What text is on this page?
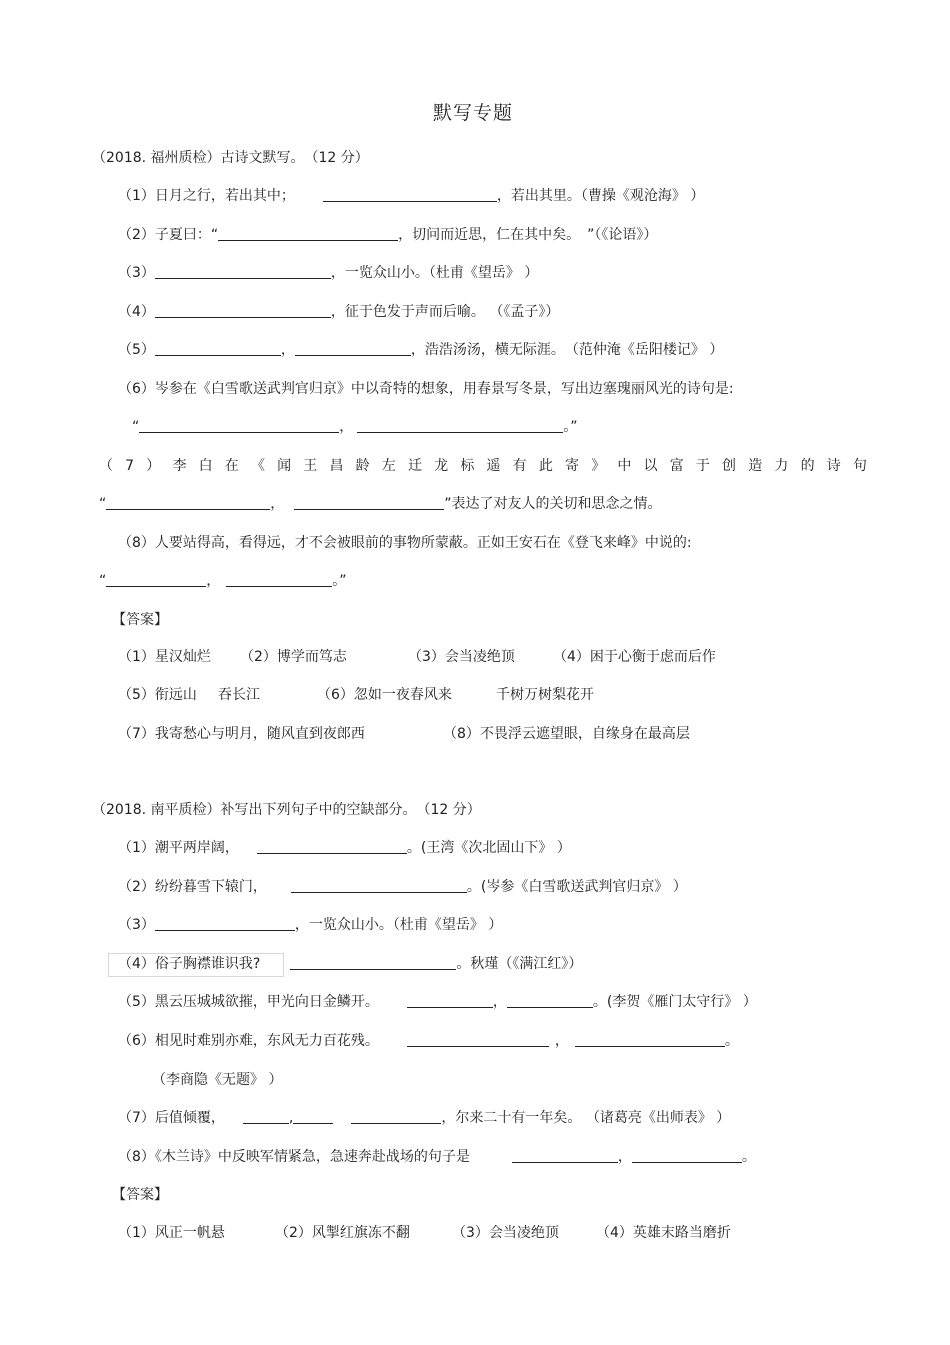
默写专题
（2018. 福州质检）古诗文默写。　（12 分）
（1）日月之行，若出其中；	，若出其里。（曹操《观沧海》 ）
（2）子夏曰：“	，切问而近思，仁在其中矣。　”（《论语》）
（3）	，一览众山小。（杜甫《望岳》 ）
（4）	，征于色发于声而后喻。 （《孟子》）
（5）	，	，浩浩汤汤，横无际涯。　（范仲淹《岳阳楼记》 ）
（6）岑参在《白雪歌送武判官归京》中以奇特的想象，用春景写冬景，写出边塞瑰丽风光的诗句是:
“	，	。”
（ 7 ） 李 白 在 《 闻 王 昌 龄 左 迁 龙 标 遥 有 此 寄 》 中 以 富 于 创 造 力 的 诗 句
“	，	”表达了对友人的关切和思念之情。
（8）人要站得高，看得远，才不会被眼前的事物所蒙蔽。正如王安石在《登飞来峰》中说的:
“	，	。”
【答案】
（1）星汉灿烂 （2）博学而笃志	（3）会当凌绝顶	（4）困于心衡于虑而后作
（5）衔远山 吞长江	（6）忽如一夜春风来	千树万树梨花开
（7）我寄愁心与明月，随风直到夜郎西	（8）不畏浮云遮望眼，自缘身在最高层
（2018. 南平质检）补写出下列句子中的空缺部分。　（12 分）
（1）潮平两岸阔，	。(王湾《次北固山下》 ）
（2）纷纷暮雪下辕门，	。(岑参《白雪歌送武判官归京》 ）
（3）	，一览众山小。（杜甫《望岳》 ）
（4）俗子胸襟谁识我?	。秋瑾（《满江红》）
（5）黑云压城城欲摧，甲光向日金鳞开。	，	。(李贺《雁门太守行》 ）
（6）相见时难别亦难，东风无力百花残。	，	。
（李商隐《无题》 ）
（7）后值倾覆，	,	，尔来二十有一年矣。 （诸葛亮《出师表》 ）
（8）《木兰诗》中反映军情紧急，急速奔赴战场的句子是	，	。
【答案】
（1）风正一帆悬	（2）风掣红旗冻不翻	（3）会当凌绝顶	（4）英雄末路当磨折
